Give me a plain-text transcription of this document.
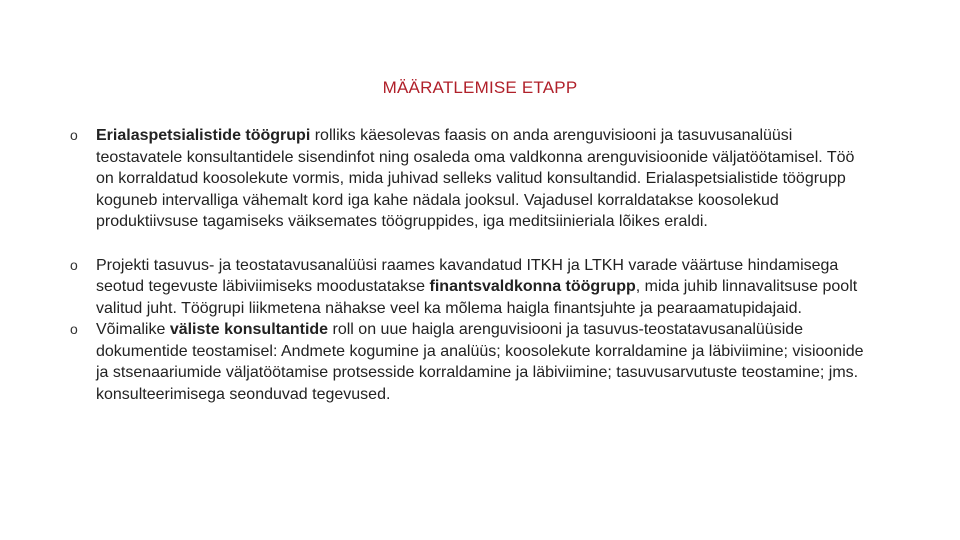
MÄÄRATLEMISE ETAPP
o Erialaspetsialistide töögrupi rolliks käesolevas faasis on anda arenguvisiooni ja tasuvusanalüüsi teostavatele konsultantidele sisendinfot ning osaleda oma valdkonna arenguvisioonide väljatöötamisel. Töö on korraldatud koosolekute vormis, mida juhivad selleks valitud konsultandid. Erialaspetsialistide töögrupp koguneb intervalliga vähemalt kord iga kahe nädala jooksul. Vajadusel korraldatakse koosolekud produktiivsuse tagamiseks väiksemates töögruppides, iga meditsiinieriala lõikes eraldi.
o Projekti tasuvus- ja teostatavusanalüüsi raames kavandatud ITKH ja LTKH varade väärtuse hindamisega seotud tegevuste läbiviimiseks moodustatakse finantsvaldkonna töögrupp, mida juhib linnavalitsuse poolt valitud juht. Töögrupi liikmetena nähakse veel ka mõlema haigla finantsjuhte ja pearaamatupidajaid.
o Võimalike väliste konsultantide roll on uue haigla arenguvisiooni ja tasuvus-teostatavusanalüüside dokumentide teostamisel: Andmete kogumine ja analüüs; koosolekute korraldamine ja läbiviimine; visioonide ja stsenaariumide väljatöötamise protsesside korraldamine ja läbiviimine; tasuvusarvutuste teostamine; jms. konsulteerimisega seonduvad tegevused.
